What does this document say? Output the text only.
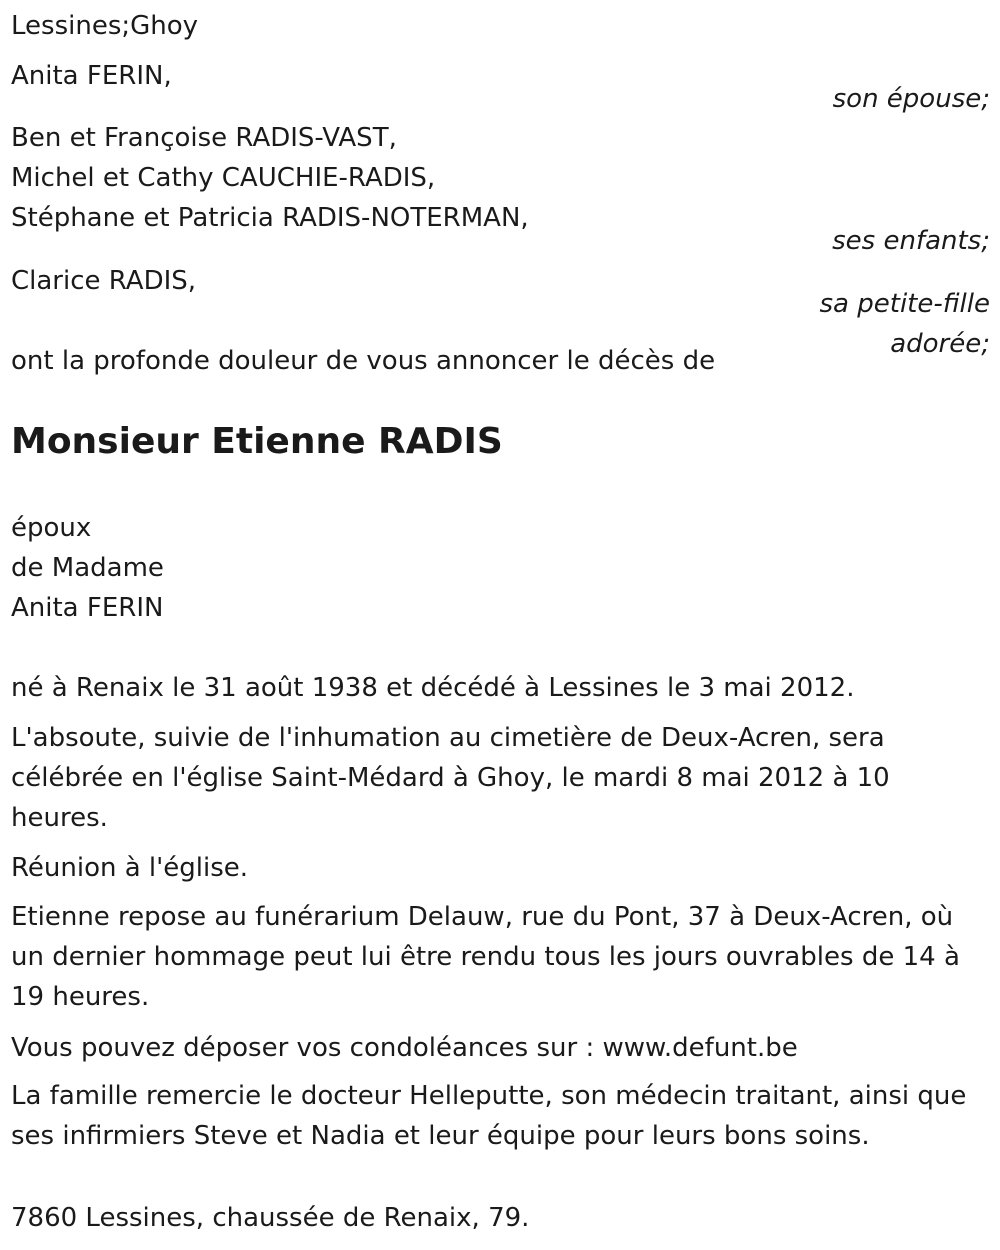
Lessines;Ghoy
Anita FERIN,
son épouse;
Ben et Françoise RADIS-VAST,
Michel et Cathy CAUCHIE-RADIS,
Stéphane et Patricia RADIS-NOTERMAN,
ses enfants;
Clarice RADIS,
sa petite-fille
adorée;
ont la profonde douleur de vous annoncer le décès de
Monsieur Etienne RADIS
époux
de Madame
Anita FERIN
né à Renaix le 31 août 1938 et décédé à Lessines le 3 mai 2012.
L'absoute, suivie de l'inhumation au cimetière de Deux-Acren, sera célébrée en l'église Saint-Médard à Ghoy, le mardi 8 mai 2012 à 10 heures.
Réunion à l'église.
Etienne repose au funérarium Delauw, rue du Pont, 37 à Deux-Acren, où un dernier hommage peut lui être rendu tous les jours ouvrables de 14 à 19 heures.
Vous pouvez déposer vos condoléances sur : www.defunt.be
La famille remercie le docteur Helleputte, son médecin traitant, ainsi que ses infirmiers Steve et Nadia et leur équipe pour leurs bons soins.
7860 Lessines, chaussée de Renaix, 79.
